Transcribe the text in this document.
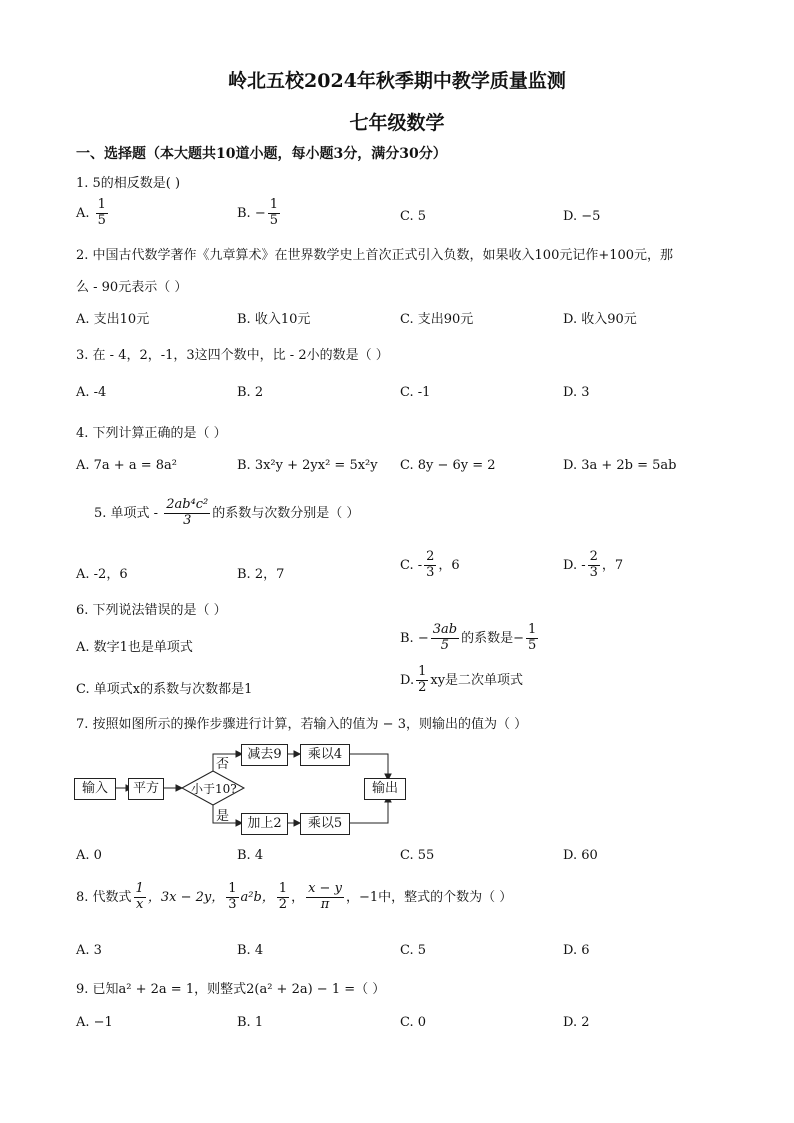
岭北五校2024年秋季期中教学质量监测
七年级数学
一、选择题（本大题共10道小题，每小题3分，满分30分）
1. 5的相反数是( )
A. $\frac{1}{5}$	B. − $\frac{1}{5}$	C. 5	D. −5
2. 中国古代数学著作《九章算术》在世界数学史上首次正式引入负数，如果收入100元记作+100元，那
么 - 90元表示（ ）
A. 支出10元	B. 收入10元	C. 支出90元	D. 收入90元
3. 在 - 4，2，-1，3这四个数中，比 - 2小的数是（ ）
A. -4	B. 2	C. -1	D. 3
4. 下列计算正确的是（ ）
A. 7a + a = 8a²	B. 3x²y + 2yx² = 5x²y C. 8y − 6y = 2	D. 3a + 2b = 5ab
5. 单项式 - $\frac{\text{2ab⁴c²}}{3}$ 的系数与次数分别是（ ）
A. -2，6	B. 2，7
C. - $\frac{2}{3}$ ，6	D. - $\frac{2}{3}$ ，7
6. 下列说法错误的是（ ）
A. 数字1也是单项式
B. − $\frac{3ab}{5}$ 的系数是− $\frac{1}{5}$
C. 单项式x的系数与次数都是1
D. $\frac{1}{2}$ xy是二次单项式
7. 按照如图所示的操作步骤进行计算，若输入的值为 − 3，则输出的值为（ ）
输入	平方	小于10?
否
是
减去9	乘以4
加上2	乘以5
输出
A. 0	B. 4	C. 55	D. 60
8. 代数式 $\frac{1}{x}$ ，3x − 2y， $\frac{1}{3} a^2b$， $\frac{1}{2}$ ， $\frac{x - y}{\pi}$ ，−1中，整式的个数为（ ）
A. 3	B. 4	C. 5	D. 6
9. 已知a² + 2a = 1，则整式2(a² + 2a) − 1 =（ ）
A. −1	B. 1	C. 0	D. 2
